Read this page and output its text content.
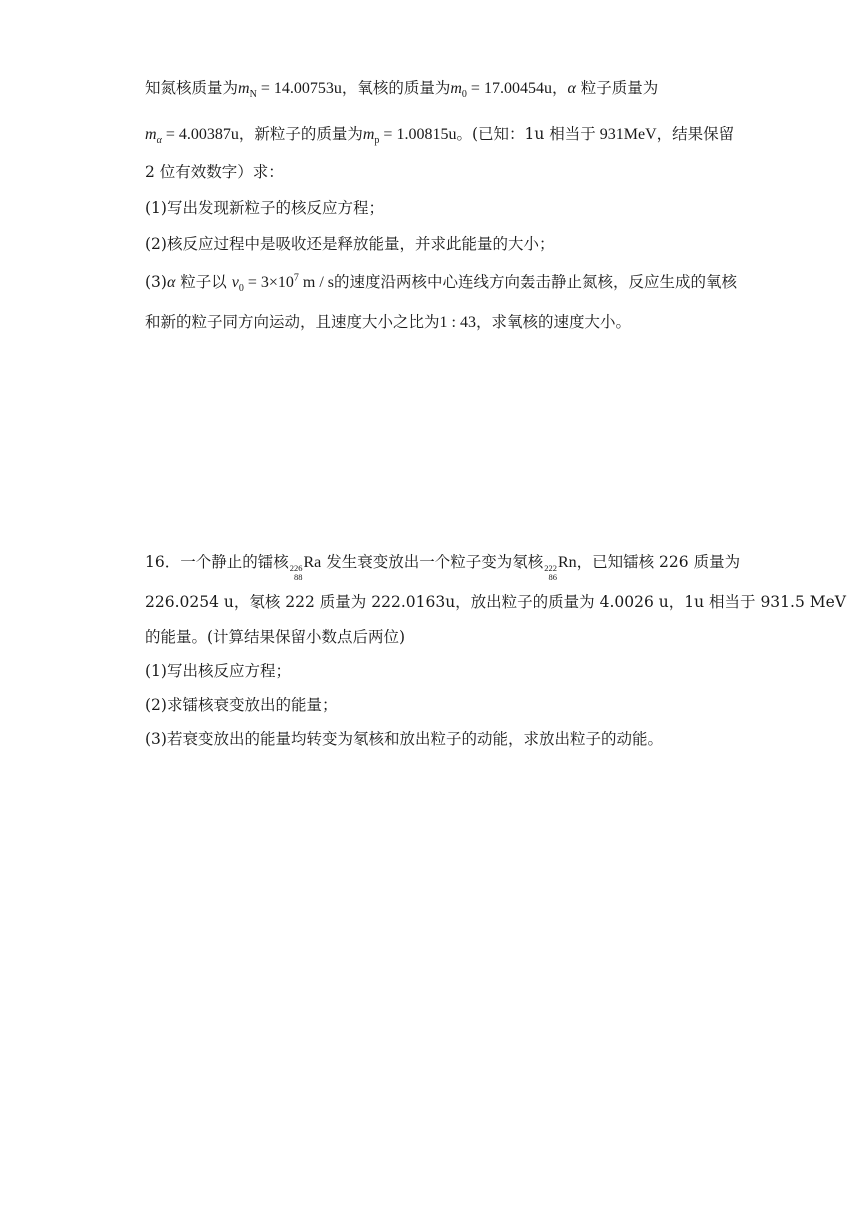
知氮核质量为$m_N = 14.00753u$，氧核的质量为$m_0 = 17.00454u$，α 粒子质量为
$m_\alpha = 4.00387u$，新粒子的质量为$m_p = 1.00815u$。(已知：1u 相当于 931MeV，结果保留
2 位有效数字）求：
(1)写出发现新粒子的核反应方程；
(2)核反应过程中是吸收还是释放能量，并求此能量的大小；
(3)α 粒子以 $v_0 = 3\times 10^7$ m / s的速度沿两核中心连线方向轰击静止氮核，反应生成的氧核
和新的粒子同方向运动，且速度大小之比为1 : 43，求氧核的速度大小。
16．一个静止的镭核 226
88
Ra 发生衰变放出一个粒子变为氡核 222
86
Rn，已知镭核 226 质量为
226.0254 u，氡核 222 质量为 222.0163u，放出粒子的质量为 4.0026 u，1u 相当于 931.5 MeV
的能量。(计算结果保留小数点后两位)
(1)写出核反应方程；
(2)求镭核衰变放出的能量；
(3)若衰变放出的能量均转变为氡核和放出粒子的动能，求放出粒子的动能。
